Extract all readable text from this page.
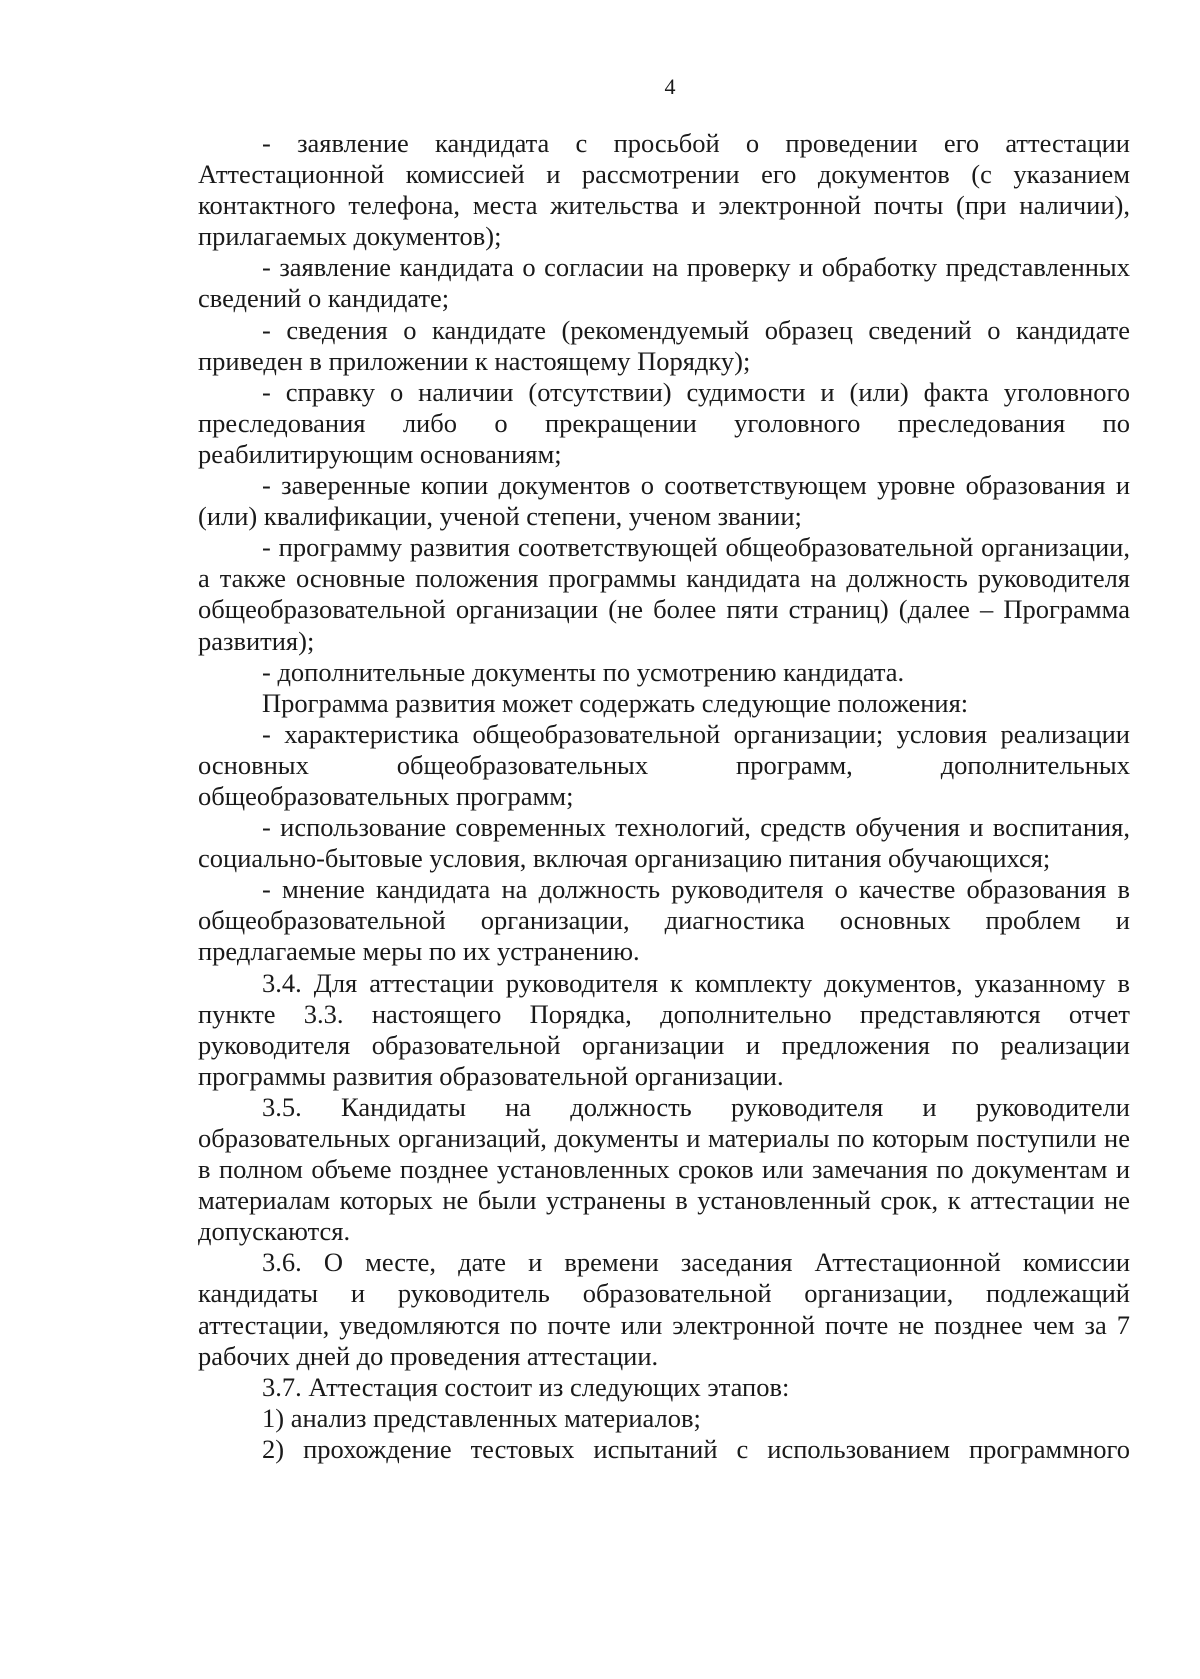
4

- заявление кандидата с просьбой о проведении его аттестации Аттестационной комиссией и рассмотрении его документов (с указанием контактного телефона, места жительства и электронной почты (при наличии), прилагаемых документов);

- заявление кандидата о согласии на проверку и обработку представленных сведений о кандидате;

- сведения о кандидате (рекомендуемый образец сведений о кандидате приведен в приложении к настоящему Порядку);

- справку о наличии (отсутствии) судимости и (или) факта уголовного преследования либо о прекращении уголовного преследования по реабилитирующим основаниям;

- заверенные копии документов о соответствующем уровне образования и (или) квалификации, ученой степени, ученом звании;

- программу развития соответствующей общеобразовательной организации, а также основные положения программы кандидата на должность руководителя общеобразовательной организации (не более пяти страниц) (далее – Программа развития);

- дополнительные документы по усмотрению кандидата.

Программа развития может содержать следующие положения:

- характеристика общеобразовательной организации; условия реализации основных общеобразовательных программ, дополнительных общеобразовательных программ;

- использование современных технологий, средств обучения и воспитания, социально-бытовые условия, включая организацию питания обучающихся;

- мнение кандидата на должность руководителя о качестве образования в общеобразовательной организации, диагностика основных проблем и предлагаемые меры по их устранению.

3.4. Для аттестации руководителя к комплекту документов, указанному в пункте 3.3. настоящего Порядка, дополнительно представляются отчет руководителя образовательной организации и предложения по реализации программы развития образовательной организации.

3.5. Кандидаты на должность руководителя и руководители образовательных организаций, документы и материалы по которым поступили не в полном объеме позднее установленных сроков или замечания по документам и материалам которых не были устранены в установленный срок, к аттестации не допускаются.

3.6. О месте, дате и времени заседания Аттестационной комиссии кандидаты и руководитель образовательной организации, подлежащий аттестации, уведомляются по почте или электронной почте не позднее чем за 7 рабочих дней до проведения аттестации.

3.7. Аттестация состоит из следующих этапов:

1) анализ представленных материалов;

2) прохождение тестовых испытаний с использованием программного
